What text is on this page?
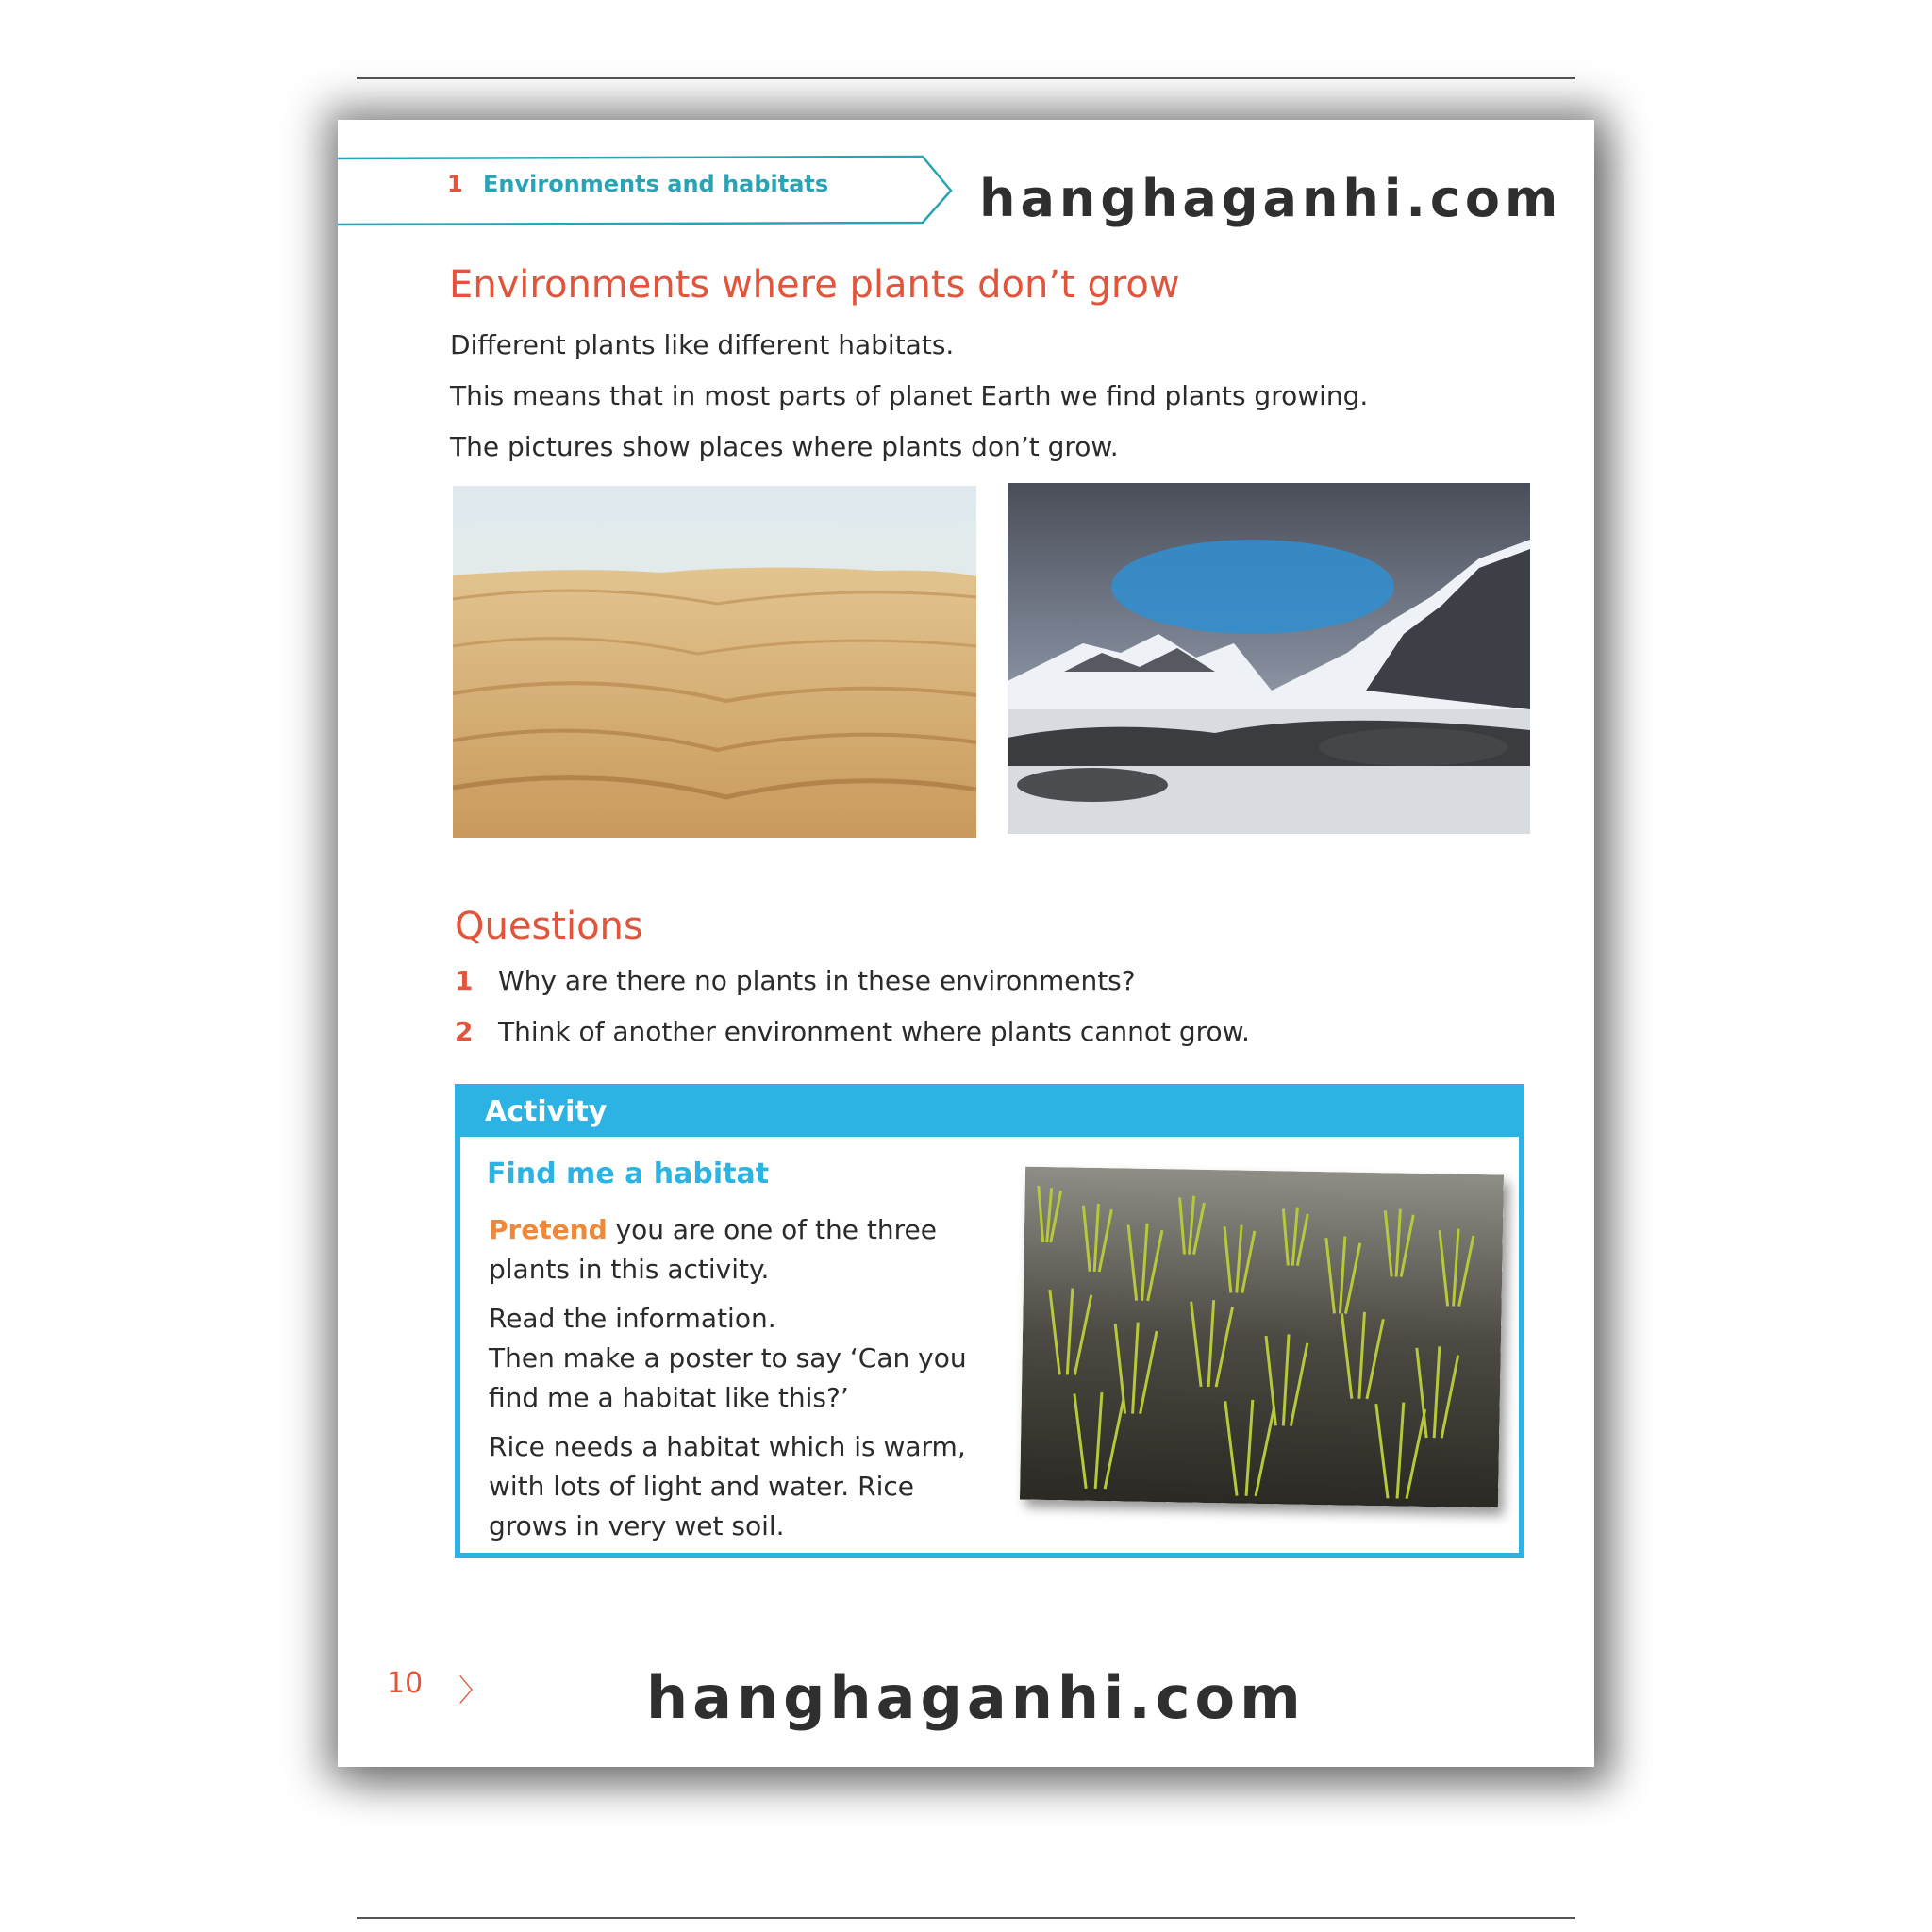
1 Environments and habitats	hanghaganhi.com
Environments where plants don’t grow
Different plants like different habitats.
This means that in most parts of planet Earth we find plants growing.
The pictures show places where plants don’t grow.
Questions
1 Why are there no plants in these environments?
2 Think of another environment where plants cannot grow.
Activity
Find me a habitat
Pretend you are one of the three
plants in this activity.
Read the information.
Then make a poster to say ‘Can you
find me a habitat like this?’
Rice needs a habitat which is warm,
with lots of light and water. Rice
grows in very wet soil.
hanghaganhi.com
10 〉
